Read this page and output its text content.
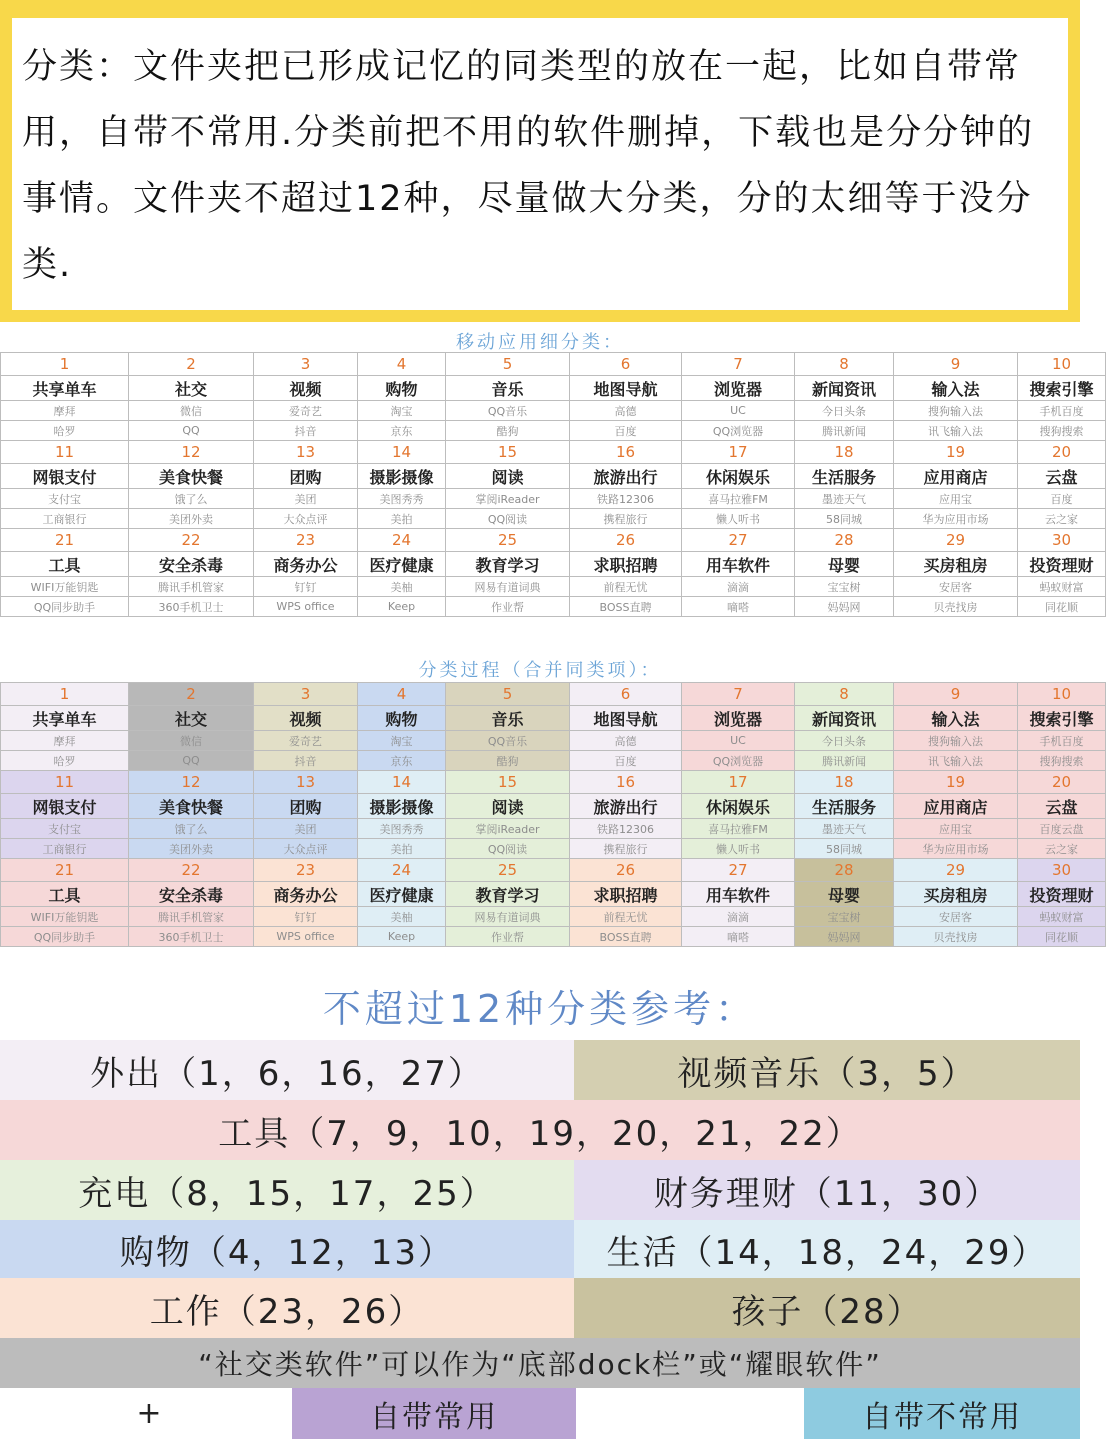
分类：文件夹把已形成记忆的同类型的放在一起，比如自带常用，自带不常用.分类前把不用的软件删掉，下载也是分分钟的事情。文件夹不超过12种，尽量做大分类，分的太细等于没分类.
移动应用细分类：
1	2	3	4	5	6	7	8	9	10
共享单车	社交	视频	购物	音乐	地图导航	浏览器	新闻资讯	输入法	搜索引擎
摩拜	微信	爱奇艺	淘宝	QQ音乐	高德	UC	今日头条	搜狗输入法	手机百度
哈罗	QQ	抖音	京东	酷狗	百度	QQ浏览器	腾讯新闻	讯飞输入法	搜狗搜索
11	12	13	14	15	16	17	18	19	20
网银支付	美食快餐	团购	摄影摄像	阅读	旅游出行	休闲娱乐	生活服务	应用商店	云盘
支付宝	饿了么	美团	美图秀秀	掌阅iReader	铁路12306	喜马拉雅FM	墨迹天气	应用宝	百度
工商银行	美团外卖	大众点评	美拍	QQ阅读	携程旅行	懒人听书	58同城	华为应用市场	云之家
21	22	23	24	25	26	27	28	29	30
工具	安全杀毒	商务办公	医疗健康	教育学习	求职招聘	用车软件	母婴	买房租房	投资理财
WIFI万能钥匙	腾讯手机管家	钉钉	美柚	网易有道词典	前程无忧	滴滴	宝宝树	安居客	蚂蚁财富
QQ同步助手	360手机卫士	WPS office	Keep	作业帮	BOSS直聘	嘀嗒	妈妈网	贝壳找房	同花顺
分类过程（合并同类项）：
1	2	3	4	5	6	7	8	9	10
共享单车	社交	视频	购物	音乐	地图导航	浏览器	新闻资讯	输入法	搜索引擎
摩拜	微信	爱奇艺	淘宝	QQ音乐	高德	UC	今日头条	搜狗输入法	手机百度
哈罗	QQ	抖音	京东	酷狗	百度	QQ浏览器	腾讯新闻	讯飞输入法	搜狗搜索
11	12	13	14	15	16	17	18	19	20
网银支付	美食快餐	团购	摄影摄像	阅读	旅游出行	休闲娱乐	生活服务	应用商店	云盘
支付宝	饿了么	美团	美图秀秀	掌阅iReader	铁路12306	喜马拉雅FM	墨迹天气	应用宝	百度云盘
工商银行	美团外卖	大众点评	美拍	QQ阅读	携程旅行	懒人听书	58同城	华为应用市场	云之家
21	22	23	24	25	26	27	28	29	30
工具	安全杀毒	商务办公	医疗健康	教育学习	求职招聘	用车软件	母婴	买房租房	投资理财
WIFI万能钥匙	腾讯手机管家	钉钉	美柚	网易有道词典	前程无忧	滴滴	宝宝树	安居客	蚂蚁财富
QQ同步助手	360手机卫士	WPS office	Keep	作业帮	BOSS直聘	嘀嗒	妈妈网	贝壳找房	同花顺
不超过12种分类参考：
外出（1，6，16，27）	视频音乐（3，5）
工具（7，9，10，19，20，21，22）
充电（8，15，17，25）	财务理财（11，30）
购物（4，12，13）	生活（14，18，24，29）
工作（23，26）	孩子（28）
“社交类软件”可以作为“底部dock栏”或“耀眼软件”
+	自带常用	自带不常用
